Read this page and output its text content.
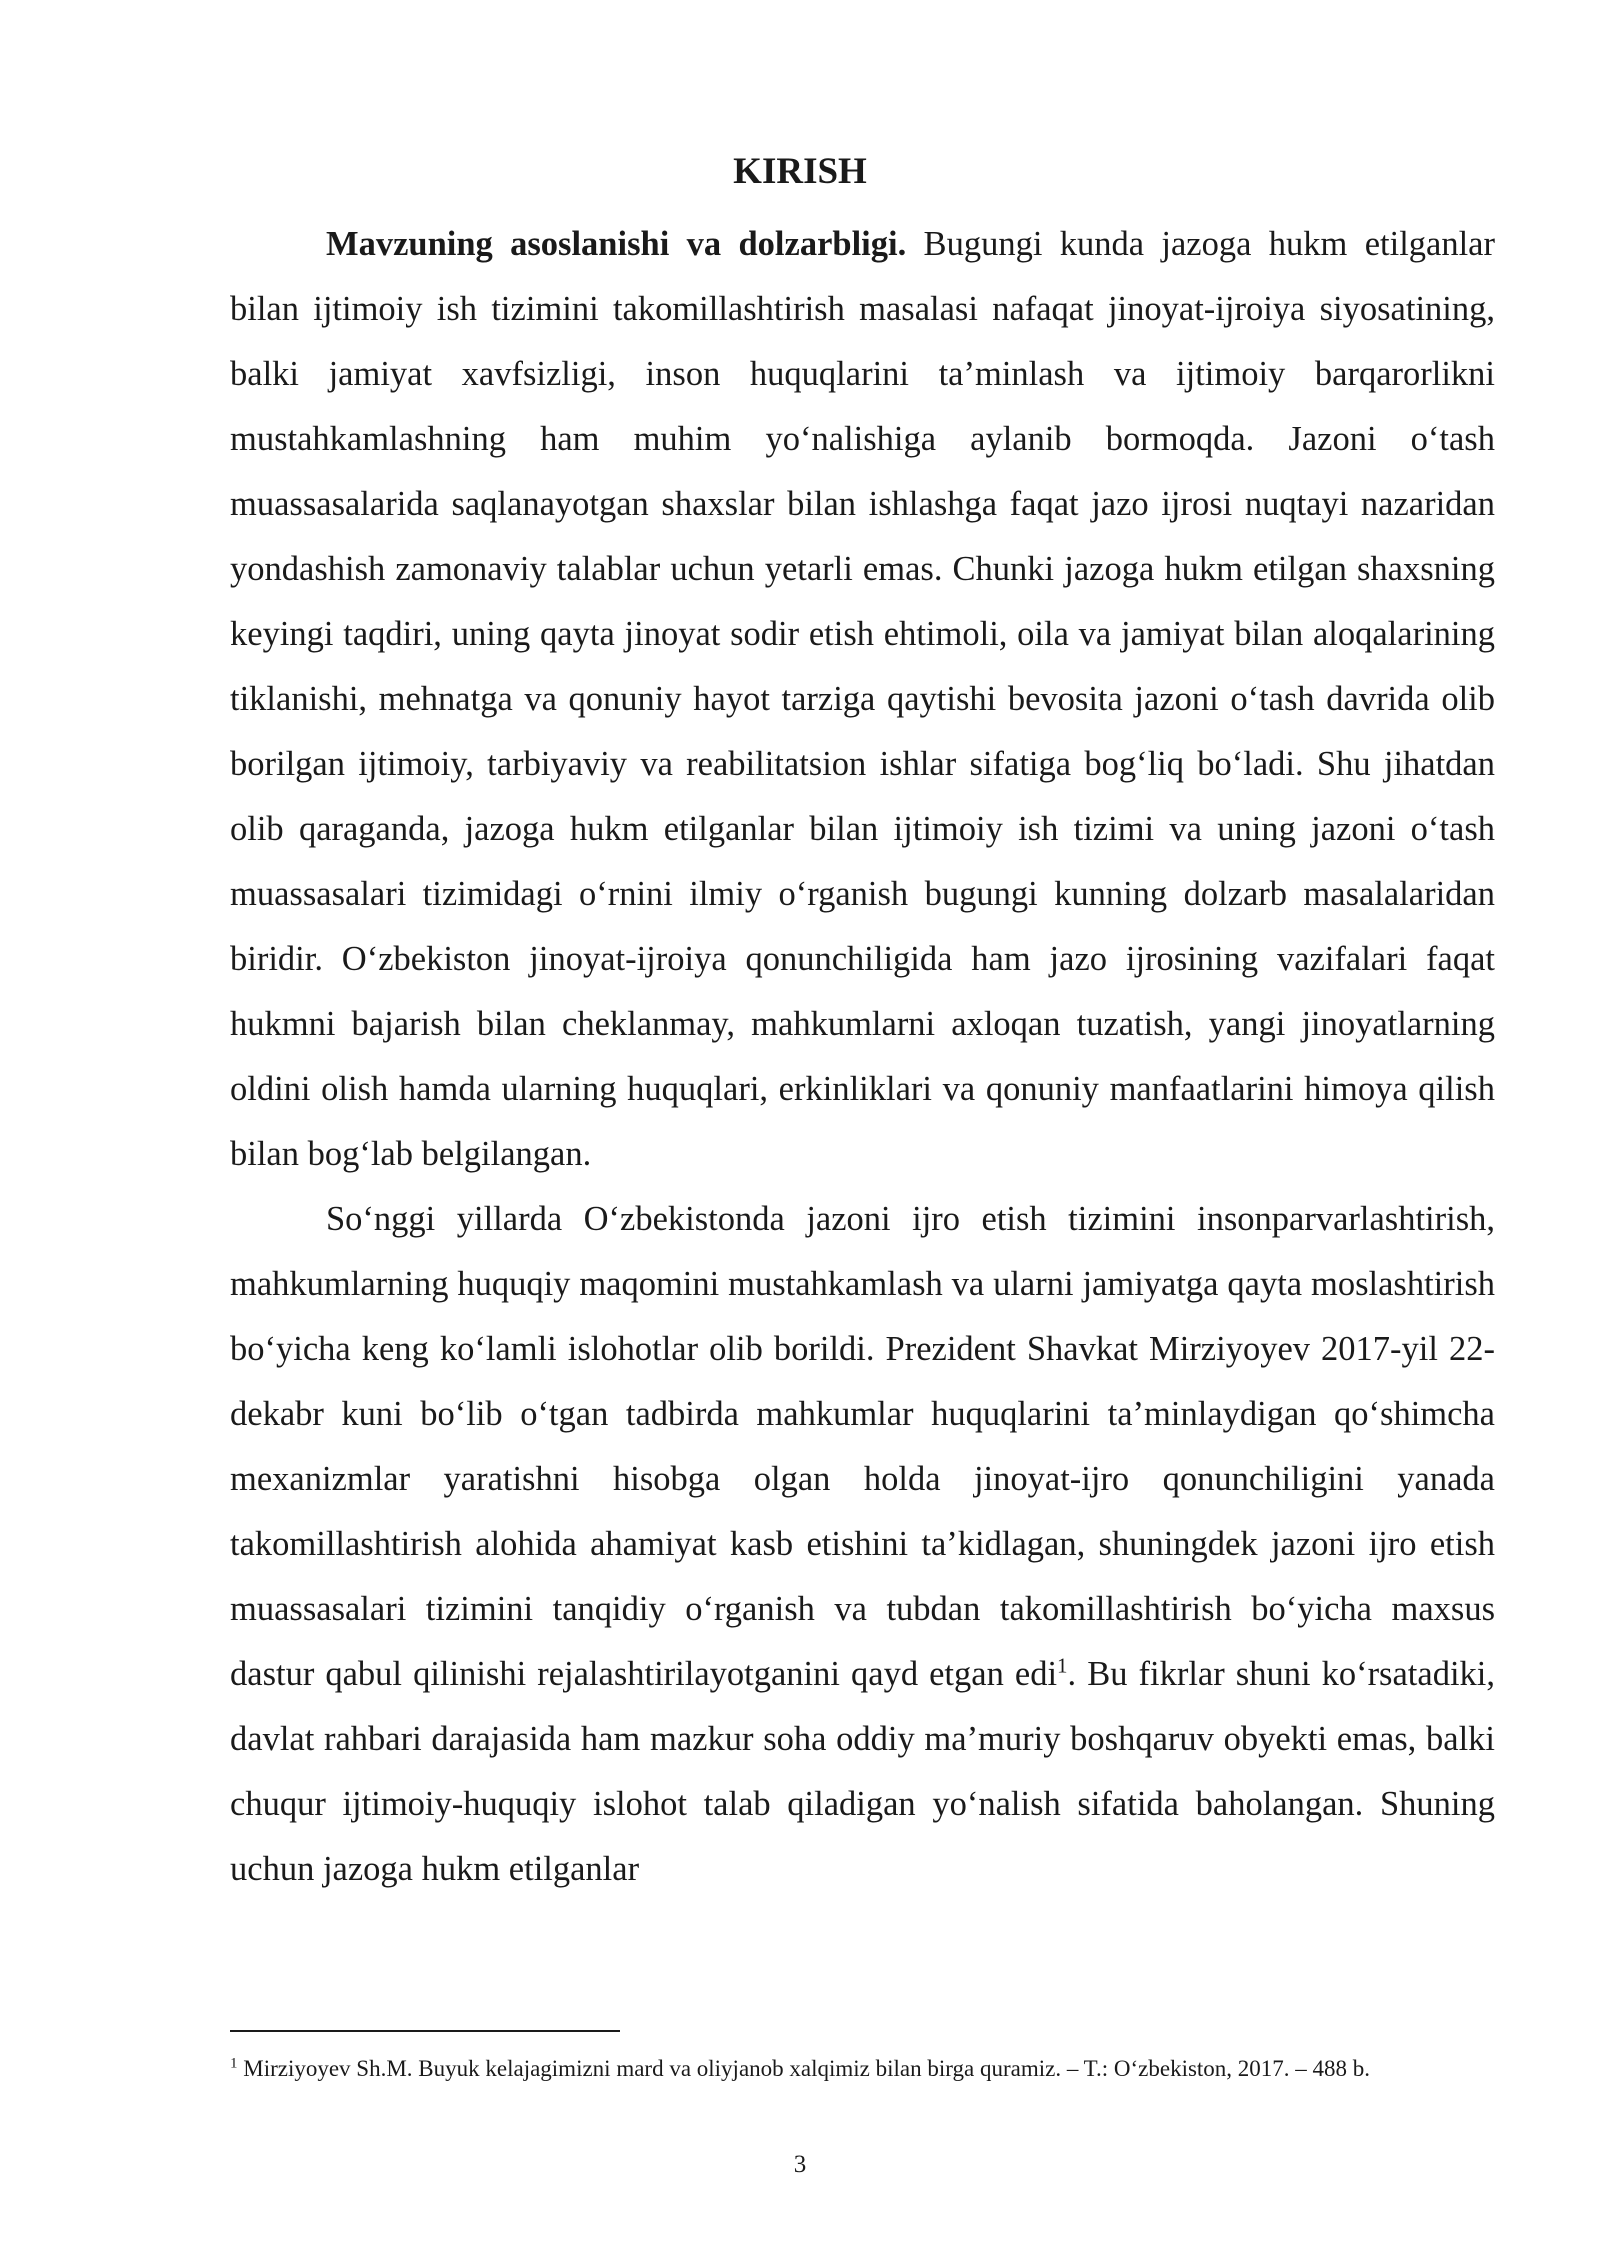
KIRISH

Mavzuning asoslanishi va dolzarbligi. Bugungi kunda jazoga hukm etilganlar bilan ijtimoiy ish tizimini takomillashtirish masalasi nafaqat jinoyat-ijroiya siyosatining, balki jamiyat xavfsizligi, inson huquqlarini ta’minlash va ijtimoiy barqarorlikni mustahkamlashning ham muhim yo‘nalishiga aylanib bormoqda. Jazoni o‘tash muassasalarida saqlanayotgan shaxslar bilan ishlashga faqat jazo ijrosi nuqtayi nazaridan yondashish zamonaviy talablar uchun yetarli emas. Chunki jazoga hukm etilgan shaxsning keyingi taqdiri, uning qayta jinoyat sodir etish ehtimoli, oila va jamiyat bilan aloqalarining tiklanishi, mehnatga va qonuniy hayot tarziga qaytishi bevosita jazoni o‘tash davrida olib borilgan ijtimoiy, tarbiyaviy va reabilitatsion ishlar sifatiga bog‘liq bo‘ladi. Shu jihatdan olib qaraganda, jazoga hukm etilganlar bilan ijtimoiy ish tizimi va uning jazoni o‘tash muassasalari tizimidagi o‘rnini ilmiy o‘rganish bugungi kunning dolzarb masalalaridan biridir. O‘zbekiston jinoyat-ijroiya qonunchiligida ham jazo ijrosining vazifalari faqat hukmni bajarish bilan cheklanmay, mahkumlarni axloqan tuzatish, yangi jinoyatlarning oldini olish hamda ularning huquqlari, erkinliklari va qonuniy manfaatlarini himoya qilish bilan bog‘lab belgilangan.

So‘nggi yillarda O‘zbekistonda jazoni ijro etish tizimini insonparvarlashtirish, mahkumlarning huquqiy maqomini mustahkamlash va ularni jamiyatga qayta moslashtirish bo‘yicha keng ko‘lamli islohotlar olib borildi. Prezident Shavkat Mirziyoyev 2017-yil 22-dekabr kuni bo‘lib o‘tgan tadbirda mahkumlar huquqlarini ta’minlaydigan qo‘shimcha mexanizmlar yaratishni hisobga olgan holda jinoyat-ijro qonunchiligini yanada takomillashtirish alohida ahamiyat kasb etishini ta’kidlagan, shuningdek jazoni ijro etish muassasalari tizimini tanqidiy o‘rganish va tubdan takomillashtirish bo‘yicha maxsus dastur qabul qilinishi rejalashtirilayotganini qayd etgan edi$^1$. Bu fikrlar shuni ko‘rsatadiki, davlat rahbari darajasida ham mazkur soha oddiy ma’muriy boshqaruv obyekti emas, balki chuqur ijtimoiy-huquqiy islohot talab qiladigan yo‘nalish sifatida baholangan. Shuning uchun jazoga hukm etilganlar

$^1$ Mirziyoyev Sh.M. Buyuk kelajagimizni mard va oliyjanob xalqimiz bilan birga quramiz. – T.: O‘zbekiston, 2017. – 488 b.

3
